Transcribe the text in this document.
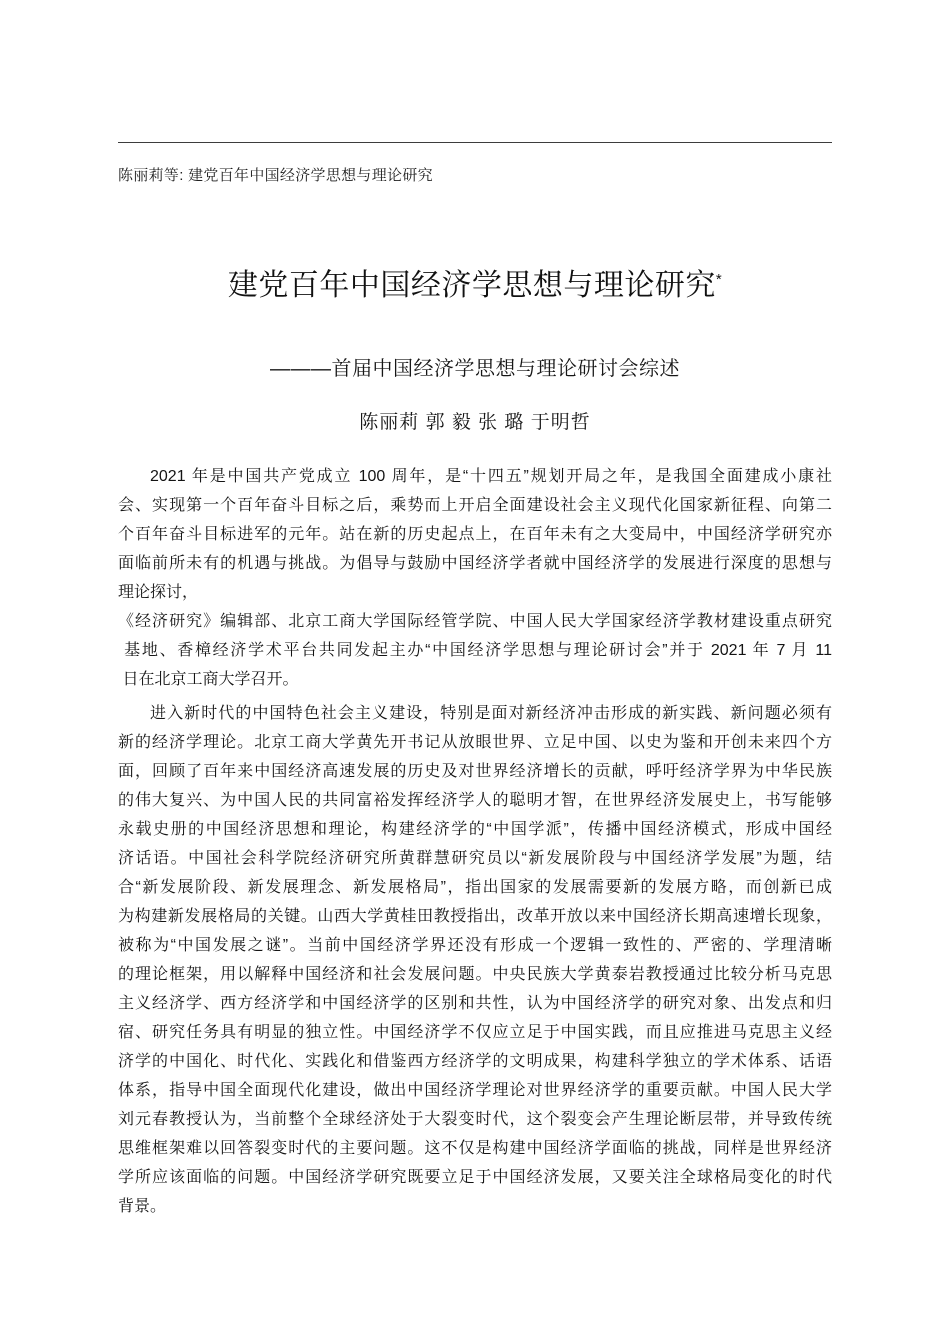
陈丽莉等: 建党百年中国经济学思想与理论研究
建党百年中国经济学思想与理论研究*
———首届中国经济学思想与理论研讨会综述
陈丽莉 郭 毅 张 璐 于明哲
2021 年是中国共产党成立 100 周年，是“十四五”规划开局之年，是我国全面建成小康社
会、实现第一个百年奋斗目标之后，乘势而上开启全面建设社会主义现代化国家新征程、向第二
个百年奋斗目标进军的元年。站在新的历史起点上，在百年未有之大变局中，中国经济学研究亦
面临前所未有的机遇与挑战。为倡导与鼓励中国经济学者就中国经济学的发展进行深度的思想与
理论探讨，
《经济研究》编辑部、北京工商大学国际经管学院、中国人民大学国家经济学教材建设重点研究
基地、香樟经济学术平台共同发起主办“中国经济学思想与理论研讨会”并于 2021 年 7 月 11
日在北京工商大学召开。
进入新时代的中国特色社会主义建设，特别是面对新经济冲击形成的新实践、新问题必须有
新的经济学理论。北京工商大学黄先开书记从放眼世界、立足中国、以史为鉴和开创未来四个方
面，回顾了百年来中国经济高速发展的历史及对世界经济增长的贡献，呼吁经济学界为中华民族
的伟大复兴、为中国人民的共同富裕发挥经济学人的聪明才智，在世界经济发展史上，书写能够
永载史册的中国经济思想和理论，构建经济学的“中国学派”，传播中国经济模式，形成中国经
济话语。中国社会科学院经济研究所黄群慧研究员以“新发展阶段与中国经济学发展”为题，结
合“新发展阶段、新发展理念、新发展格局”，指出国家的发展需要新的发展方略，而创新已成
为构建新发展格局的关键。山西大学黄桂田教授指出，改革开放以来中国经济长期高速增长现象，
被称为“中国发展之谜”。当前中国经济学界还没有形成一个逻辑一致性的、严密的、学理清晰
的理论框架，用以解释中国经济和社会发展问题。中央民族大学黄泰岩教授通过比较分析马克思
主义经济学、西方经济学和中国经济学的区别和共性，认为中国经济学的研究对象、出发点和归
宿、研究任务具有明显的独立性。中国经济学不仅应立足于中国实践，而且应推进马克思主义经
济学的中国化、时代化、实践化和借鉴西方经济学的文明成果，构建科学独立的学术体系、话语
体系，指导中国全面现代化建设，做出中国经济学理论对世界经济学的重要贡献。中国人民大学
刘元春教授认为，当前整个全球经济处于大裂变时代，这个裂变会产生理论断层带，并导致传统
思维框架难以回答裂变时代的主要问题。这不仅是构建中国经济学面临的挑战，同样是世界经济
学所应该面临的问题。中国经济学研究既要立足于中国经济发展，又要关注全球格局变化的时代
背景。
